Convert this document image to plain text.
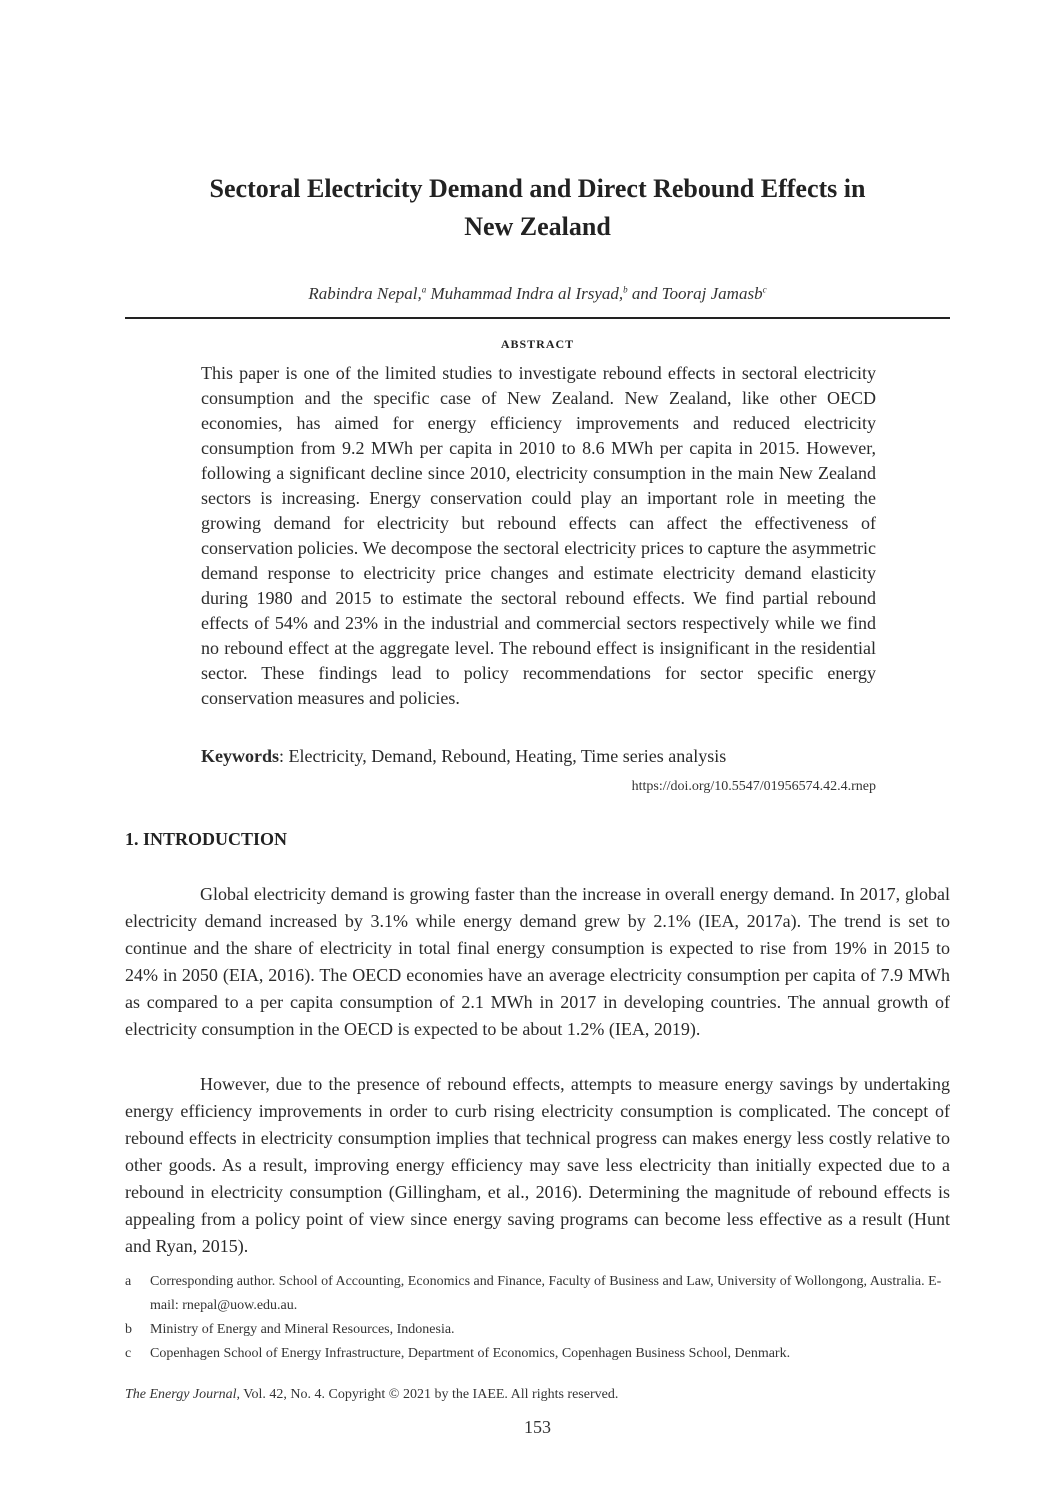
Sectoral Electricity Demand and Direct Rebound Effects in
New Zealand
Rabindra Nepal,$^a$ Muhammad Indra al Irsyad,$^b$ and Tooraj Jamasb$^c$
ABSTRACT

This paper is one of the limited studies to investigate rebound effects in sectoral electricity consumption and the specific case of New Zealand. New Zealand, like other OECD economies, has aimed for energy efficiency improvements and reduced electricity consumption from 9.2 MWh per capita in 2010 to 8.6 MWh per capita in 2015. However, following a significant decline since 2010, electricity consumption in the main New Zealand sectors is increasing. Energy conservation could play an important role in meeting the growing demand for electricity but rebound effects can affect the effectiveness of conservation policies. We decompose the sectoral electricity prices to capture the asymmetric demand response to electricity price changes and estimate electricity demand elasticity during 1980 and 2015 to estimate the sectoral rebound effects. We find partial rebound effects of 54% and 23% in the industrial and commercial sectors respectively while we find no rebound effect at the aggregate level. The rebound effect is insignificant in the residential sector. These findings lead to policy recommendations for sector specific energy conservation measures and policies.

Keywords: Electricity, Demand, Rebound, Heating, Time series analysis

https://doi.org/10.5547/01956574.42.4.rnep
1. INTRODUCTION

Global electricity demand is growing faster than the increase in overall energy demand. In 2017, global electricity demand increased by 3.1% while energy demand grew by 2.1% (IEA, 2017a). The trend is set to continue and the share of electricity in total final energy consumption is expected to rise from 19% in 2015 to 24% in 2050 (EIA, 2016). The OECD economies have an average electricity consumption per capita of 7.9 MWh as compared to a per capita consumption of 2.1 MWh in 2017 in developing countries. The annual growth of electricity consumption in the OECD is expected to be about 1.2% (IEA, 2019).

However, due to the presence of rebound effects, attempts to measure energy savings by undertaking energy efficiency improvements in order to curb rising electricity consumption is complicated. The concept of rebound effects in electricity consumption implies that technical progress can makes energy less costly relative to other goods. As a result, improving energy efficiency may save less electricity than initially expected due to a rebound in electricity consumption (Gillingham, et al., 2016). Determining the magnitude of rebound effects is appealing from a policy point of view since energy saving programs can become less effective as a result (Hunt and Ryan, 2015).

a	Corresponding author. School of Accounting, Economics and Finance, Faculty of Business and Law, University of Wollongong, Australia. E-mail: rnepal@uow.edu.au.
b	Ministry of Energy and Mineral Resources, Indonesia.
c	Copenhagen School of Energy Infrastructure, Department of Economics, Copenhagen Business School, Denmark.
The Energy Journal, Vol. 42, No. 4. Copyright © 2021 by the IAEE. All rights reserved.
153
